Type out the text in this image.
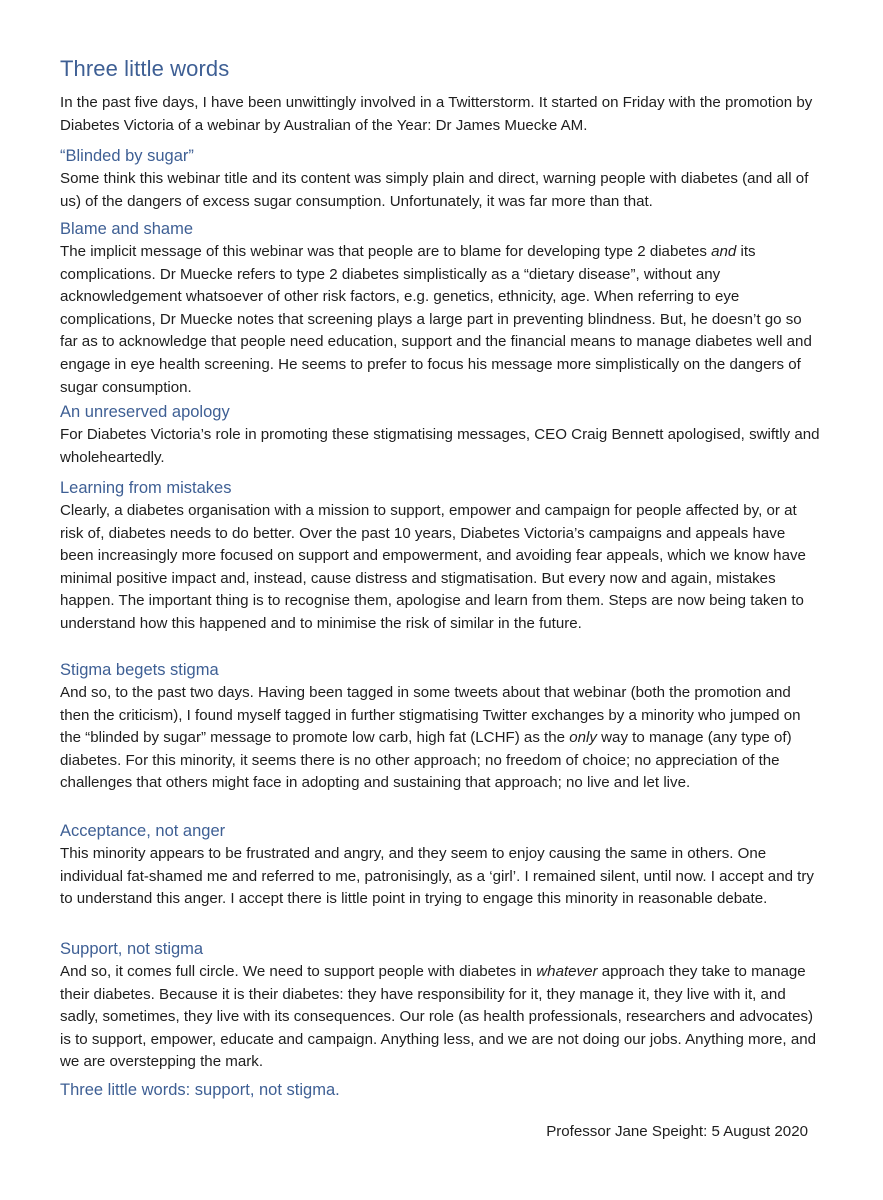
Three little words

In the past five days, I have been unwittingly involved in a Twitterstorm. It started on Friday with the promotion by Diabetes Victoria of a webinar by Australian of the Year: Dr James Muecke AM.

“Blinded by sugar”

Some think this webinar title and its content was simply plain and direct, warning people with diabetes (and all of us) of the dangers of excess sugar consumption. Unfortunately, it was far more than that.

Blame and shame

The implicit message of this webinar was that people are to blame for developing type 2 diabetes and its complications. Dr Muecke refers to type 2 diabetes simplistically as a “dietary disease”, without any acknowledgement whatsoever of other risk factors, e.g. genetics, ethnicity, age. When referring to eye complications, Dr Muecke notes that screening plays a large part in preventing blindness. But, he doesn’t go so far as to acknowledge that people need education, support and the financial means to manage diabetes well and engage in eye health screening. He seems to prefer to focus his message more simplistically on the dangers of sugar consumption.

An unreserved apology

For Diabetes Victoria’s role in promoting these stigmatising messages, CEO Craig Bennett apologised, swiftly and wholeheartedly.

Learning from mistakes

Clearly, a diabetes organisation with a mission to support, empower and campaign for people affected by, or at risk of, diabetes needs to do better. Over the past 10 years, Diabetes Victoria’s campaigns and appeals have been increasingly more focused on support and empowerment, and avoiding fear appeals, which we know have minimal positive impact and, instead, cause distress and stigmatisation. But every now and again, mistakes happen. The important thing is to recognise them, apologise and learn from them. Steps are now being taken to understand how this happened and to minimise the risk of similar in the future.

Stigma begets stigma

And so, to the past two days. Having been tagged in some tweets about that webinar (both the promotion and then the criticism), I found myself tagged in further stigmatising Twitter exchanges by a minority who jumped on the “blinded by sugar” message to promote low carb, high fat (LCHF) as the only way to manage (any type of) diabetes. For this minority, it seems there is no other approach; no freedom of choice; no appreciation of the challenges that others might face in adopting and sustaining that approach; no live and let live.

Acceptance, not anger

This minority appears to be frustrated and angry, and they seem to enjoy causing the same in others. One individual fat-shamed me and referred to me, patronisingly, as a ‘girl’. I remained silent, until now. I accept and try to understand this anger. I accept there is little point in trying to engage this minority in reasonable debate.

Support, not stigma

And so, it comes full circle. We need to support people with diabetes in whatever approach they take to manage their diabetes. Because it is their diabetes: they have responsibility for it, they manage it, they live with it, and sadly, sometimes, they live with its consequences. Our role (as health professionals, researchers and advocates) is to support, empower, educate and campaign. Anything less, and we are not doing our jobs. Anything more, and we are overstepping the mark.

Three little words: support, not stigma.
Professor Jane Speight: 5 August 2020
